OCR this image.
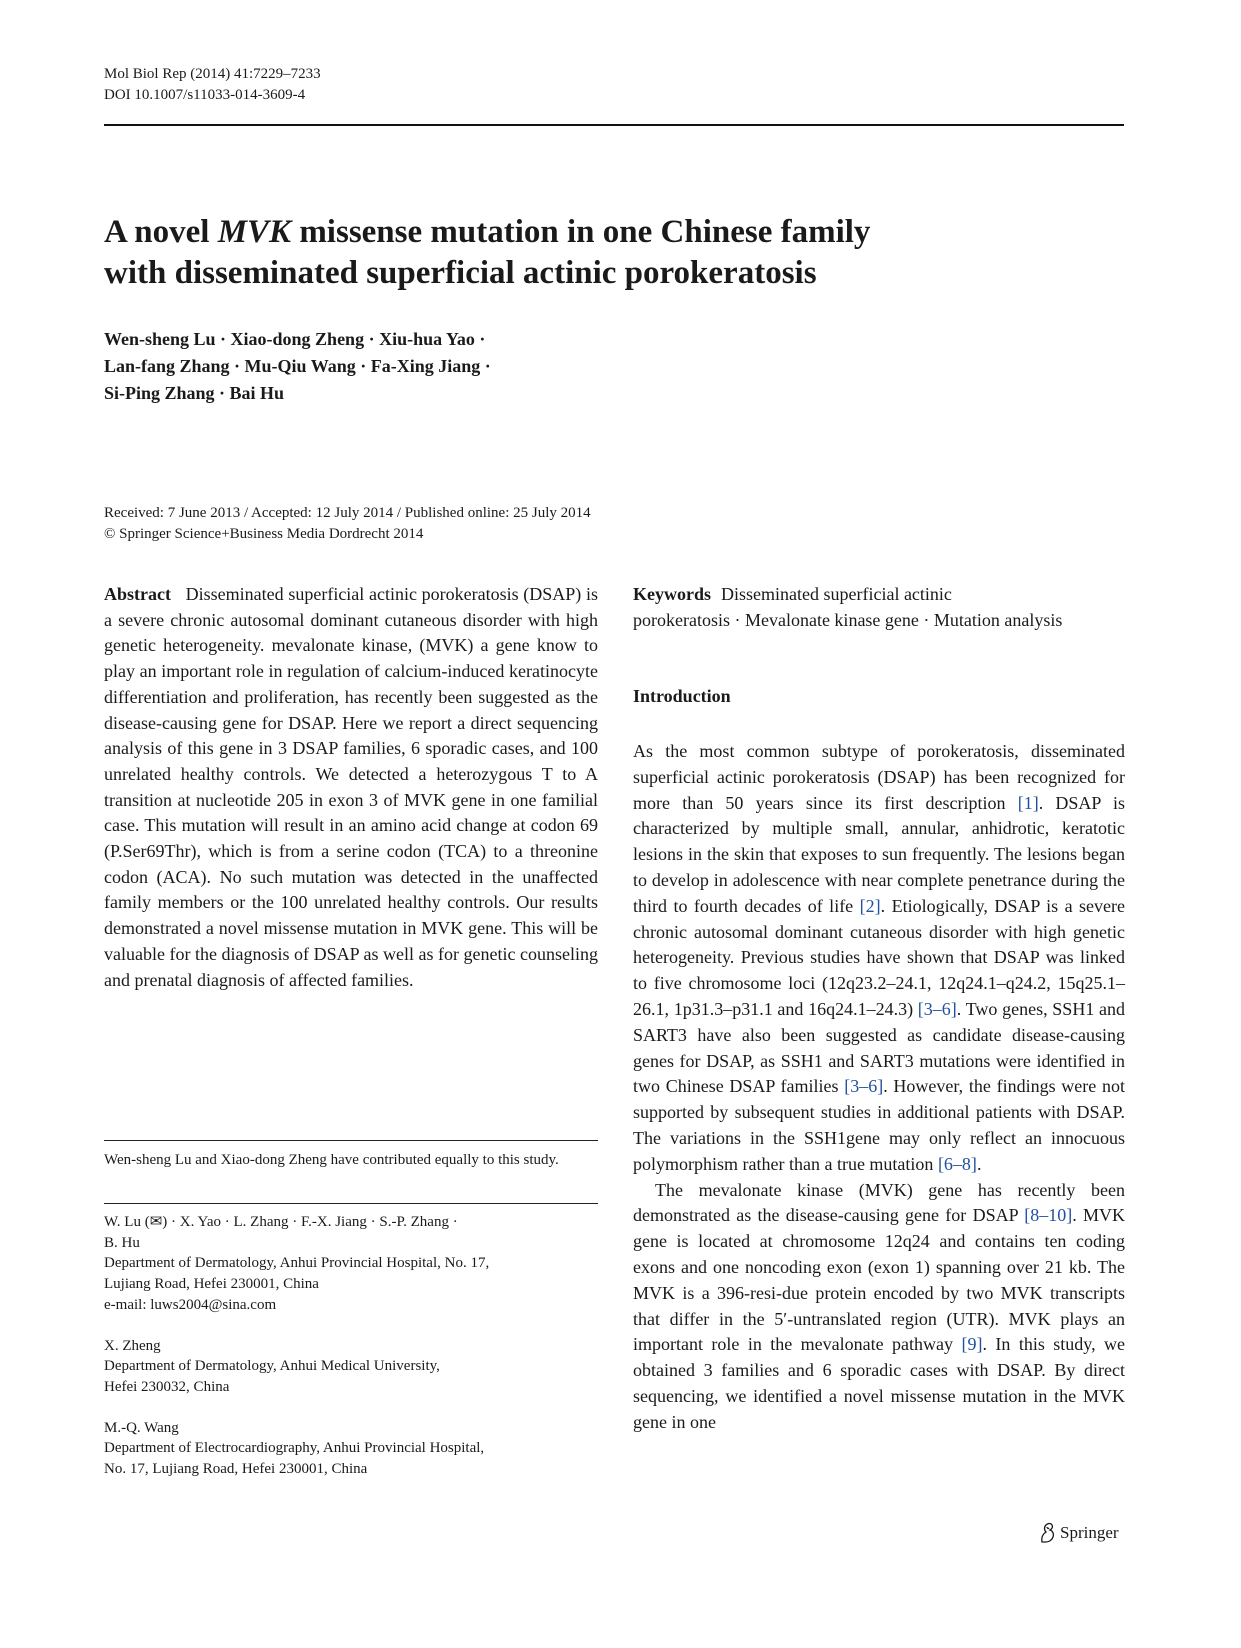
Mol Biol Rep (2014) 41:7229–7233
DOI 10.1007/s11033-014-3609-4
A novel MVK missense mutation in one Chinese family
with disseminated superficial actinic porokeratosis
Wen-sheng Lu · Xiao-dong Zheng · Xiu-hua Yao ·
Lan-fang Zhang · Mu-Qiu Wang · Fa-Xing Jiang ·
Si-Ping Zhang · Bai Hu
Received: 7 June 2013 / Accepted: 12 July 2014 / Published online: 25 July 2014
© Springer Science+Business Media Dordrecht 2014
Abstract Disseminated superficial actinic porokeratosis (DSAP) is a severe chronic autosomal dominant cutaneous disorder with high genetic heterogeneity. mevalonate kinase, (MVK) a gene know to play an important role in regulation of calcium-induced keratinocyte differentiation and proliferation, has recently been suggested as the disease-causing gene for DSAP. Here we report a direct sequencing analysis of this gene in 3 DSAP families, 6 sporadic cases, and 100 unrelated healthy controls. We detected a heterozygous T to A transition at nucleotide 205 in exon 3 of MVK gene in one familial case. This mutation will result in an amino acid change at codon 69 (P.Ser69Thr), which is from a serine codon (TCA) to a threonine codon (ACA). No such mutation was detected in the unaffected family members or the 100 unrelated healthy controls. Our results demonstrated a novel missense mutation in MVK gene. This will be valuable for the diagnosis of DSAP as well as for genetic counseling and prenatal diagnosis of affected families.
Keywords Disseminated superficial actinic
porokeratosis · Mevalonate kinase gene · Mutation analysis
Introduction

As the most common subtype of porokeratosis, disseminated superficial actinic porokeratosis (DSAP) has been recognized for more than 50 years since its first description [1]. DSAP is characterized by multiple small, annular, anhidrotic, keratotic lesions in the skin that exposes to sun frequently. The lesions began to develop in adolescence with near complete penetrance during the third to fourth decades of life [2]. Etiologically, DSAP is a severe chronic autosomal dominant cutaneous disorder with high genetic heterogeneity. Previous studies have shown that DSAP was linked to five chromosome loci (12q23.2–24.1, 12q24.1–q24.2, 15q25.1–26.1, 1p31.3–p31.1 and 16q24.1–24.3) [3–6]. Two genes, SSH1 and SART3 have also been suggested as candidate disease-causing genes for DSAP, as SSH1 and SART3 mutations were identified in two Chinese DSAP families [3–6]. However, the findings were not supported by subsequent studies in additional patients with DSAP. The variations in the SSH1gene may only reflect an innocuous polymorphism rather than a true mutation [6–8].

The mevalonate kinase (MVK) gene has recently been demonstrated as the disease-causing gene for DSAP [8–10]. MVK gene is located at chromosome 12q24 and contains ten coding exons and one noncoding exon (exon 1) spanning over 21 kb. The MVK is a 396-resi-due protein encoded by two MVK transcripts that differ in the 5′-untranslated region (UTR). MVK plays an important role in the mevalonate pathway [9]. In this study, we obtained 3 families and 6 sporadic cases with DSAP. By direct sequencing, we identified a novel missense mutation in the MVK gene in one

Wen-sheng Lu and Xiao-dong Zheng have contributed equally to this study.
W. Lu (✉) · X. Yao · L. Zhang · F.-X. Jiang · S.-P. Zhang ·
B. Hu
Department of Dermatology, Anhui Provincial Hospital, No. 17,
Lujiang Road, Hefei 230001, China
e-mail: luws2004@sina.com
X. Zheng
Department of Dermatology, Anhui Medical University,
Hefei 230032, China
M.-Q. Wang
Department of Electrocardiography, Anhui Provincial Hospital,
No. 17, Lujiang Road, Hefei 230001, China
Springer
